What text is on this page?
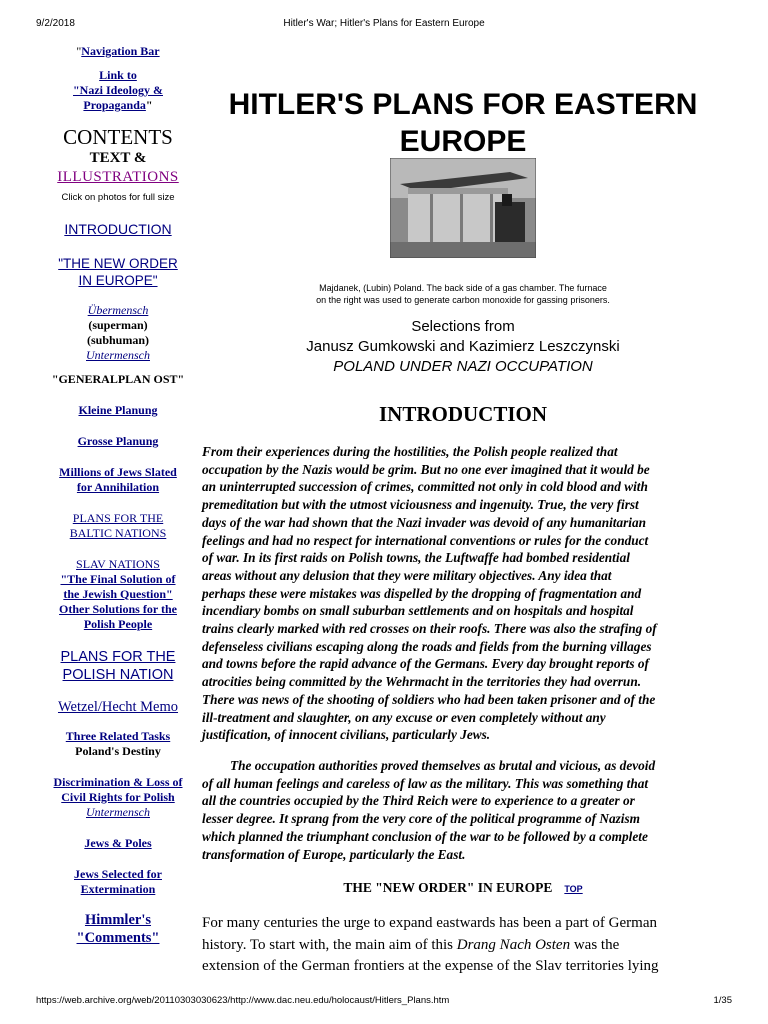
9/2/2018	Hitler's War; Hitler's Plans for Eastern Europe
"Navigation Bar
Link to
"Nazi Ideology &
Propaganda"
CONTENTS
TEXT &
ILLUSTRATIONS
Click on photos for full size
INTRODUCTION
"THE NEW ORDER
IN EUROPE"
Übermensch
(superman)
(subhuman)
Untermensch
"GENERALPLAN OST"
Kleine Planung
Grosse Planung
Millions of Jews Slated
for Annihilation
PLANS FOR THE
BALTIC NATIONS
SLAV NATIONS
"The Final Solution of
the Jewish Question"
Other Solutions for the
Polish People
PLANS FOR THE
POLISH NATION
Wetzel/Hecht Memo
Three Related Tasks
Poland's Destiny
Discrimination & Loss of
Civil Rights for Polish
Untermensch
Jews & Poles
Jews Selected for
Extermination
Himmler's
"Comments"
HITLER'S PLANS FOR EASTERN
EUROPE
Majdanek, (Lubin) Poland. The back side of a gas chamber. The furnace
on the right was used to generate carbon monoxide for gassing prisoners.
Selections from
Janusz Gumkowski and Kazimierz Leszczynski
POLAND UNDER NAZI OCCUPATION
INTRODUCTION
From their experiences during the hostilities, the Polish people realized that
occupation by the Nazis would be grim. But no one ever imagined that it would be
an uninterrupted succession of crimes, committed not only in cold blood and with
premeditation but with the utmost viciousness and ingenuity. True, the very first
days of the war had shown that the Nazi invader was devoid of any humanitarian
feelings and had no respect for international conventions or rules for the conduct
of war. In its first raids on Polish towns, the Luftwaffe had bombed residential
areas without any delusion that they were military objectives. Any idea that
perhaps these were mistakes was dispelled by the dropping of fragmentation and
incendiary bombs on small suburban settlements and on hospitals and hospital
trains clearly marked with red crosses on their roofs. There was also the strafing of
defenseless civilians escaping along the roads and fields from the burning villages
and towns before the rapid advance of the Germans. Every day brought reports of
atrocities being committed by the Wehrmacht in the territories they had overrun.
There was news of the shooting of soldiers who had been taken prisoner and of the
ill-treatment and slaughter, on any excuse or even completely without any
justification, of innocent civilians, particularly Jews.
The occupation authorities proved themselves as brutal and vicious, as devoid
of all human feelings and careless of law as the military. This was something that
all the countries occupied by the Third Reich were to experience to a greater or
lesser degree. It sprang from the very core of the political programme of Nazism
which planned the triumphant conclusion of the war to be followed by a complete
transformation of Europe, particularly the East.
THE "NEW ORDER" IN EUROPE TOP
For many centuries the urge to expand eastwards has been a part of German
history. To start with, the main aim of this Drang Nach Osten was the
extension of the German frontiers at the expense of the Slav territories lying
https://web.archive.org/web/20110303030623/http://www.dac.neu.edu/holocaust/Hitlers_Plans.htm	1/35
